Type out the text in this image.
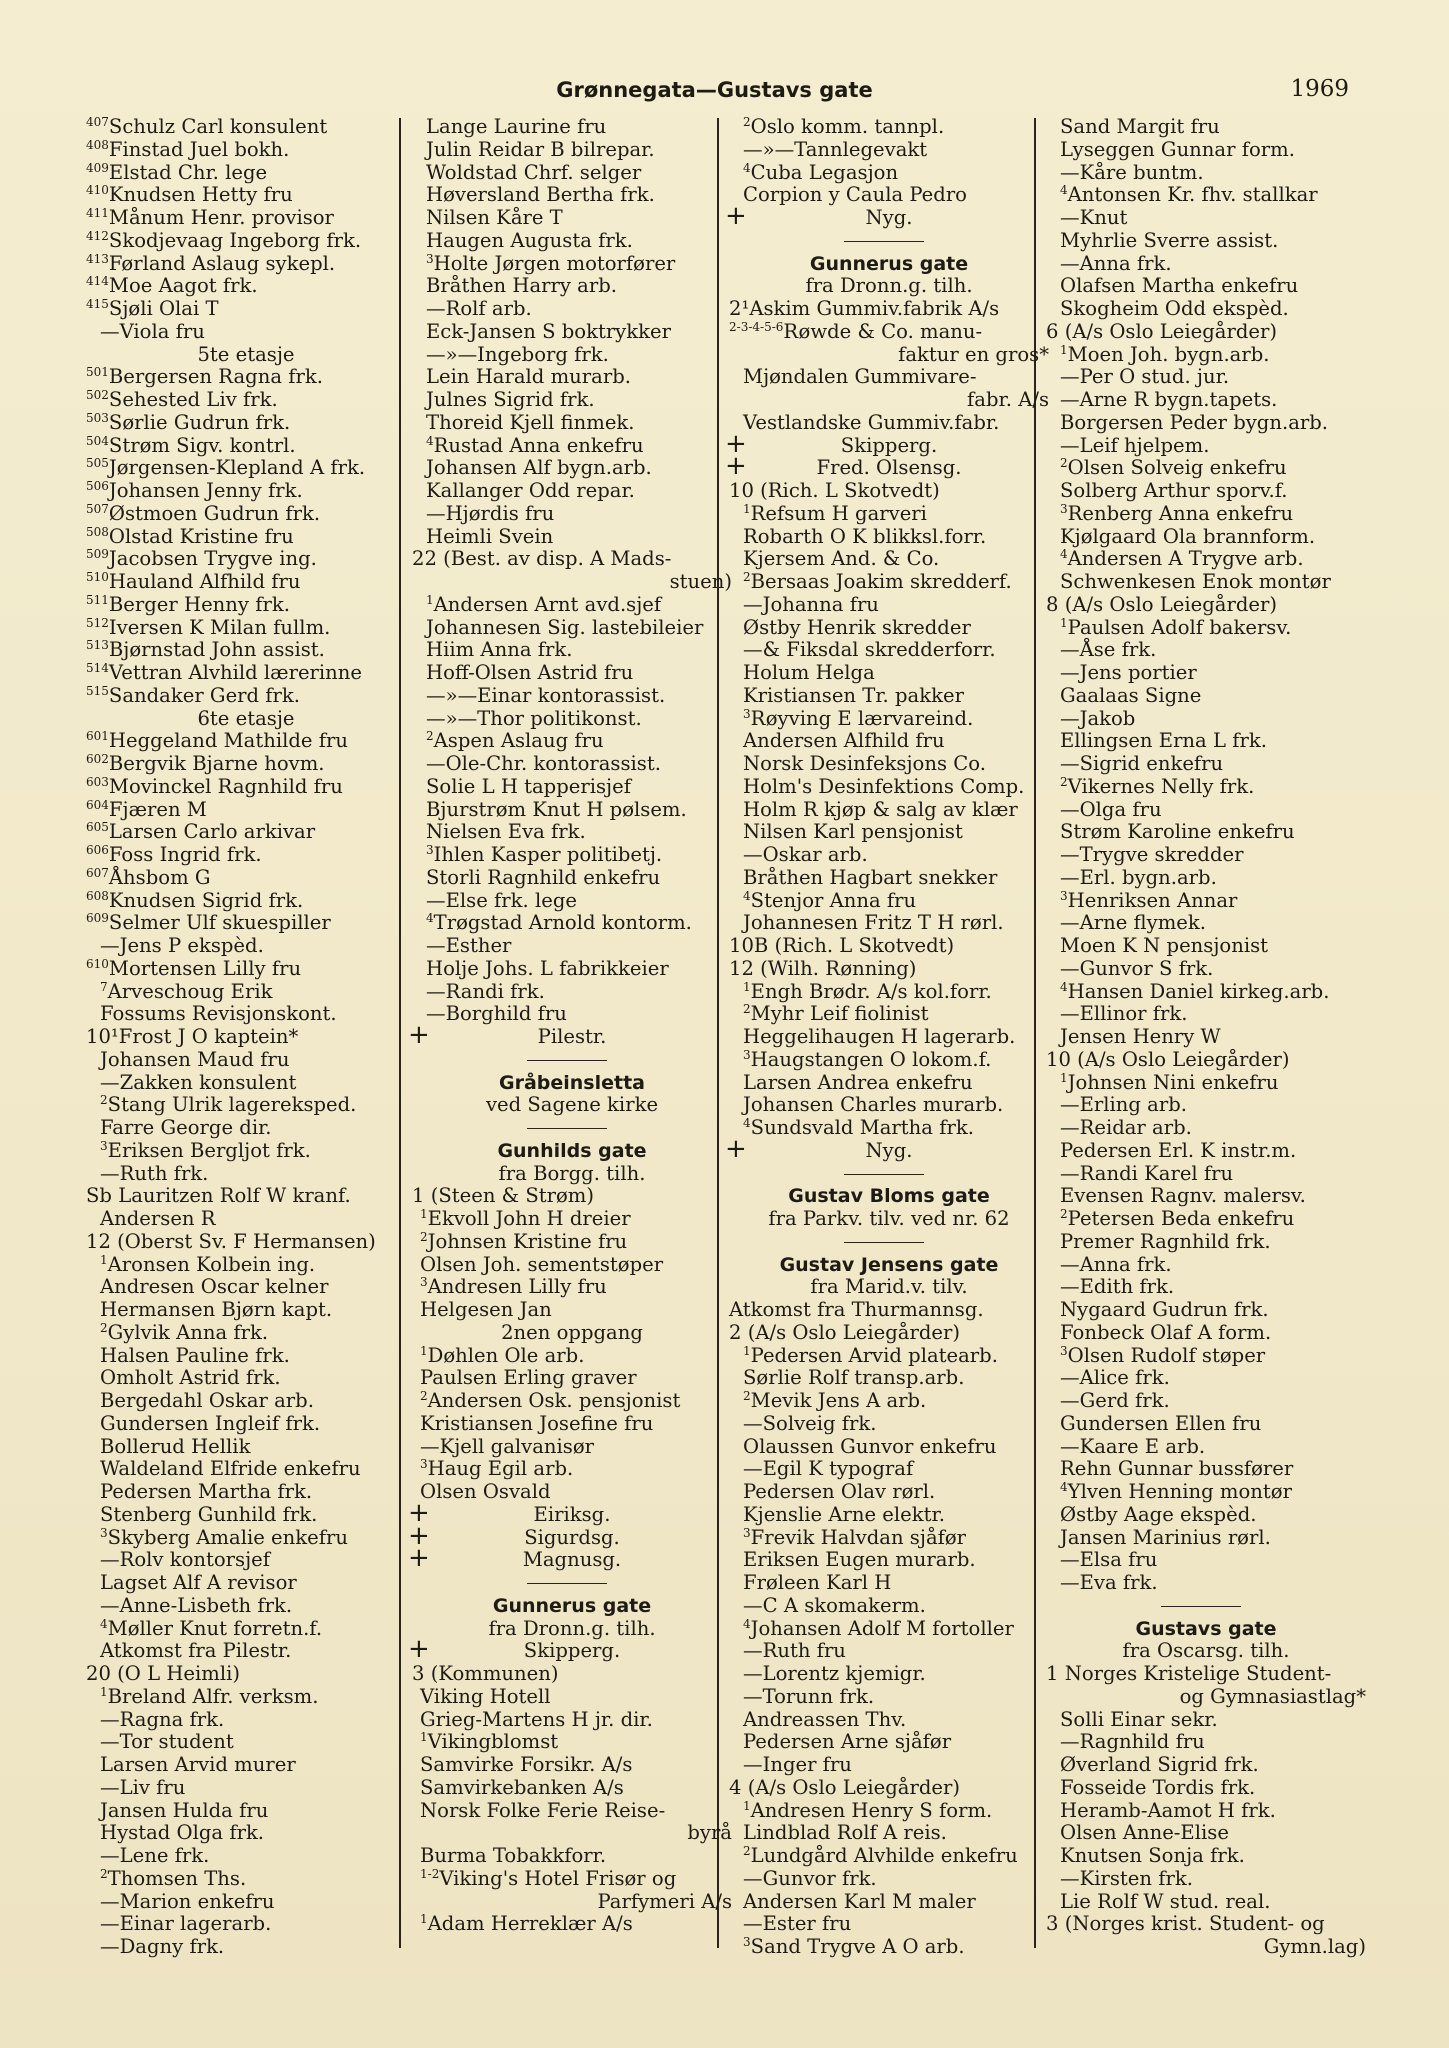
Grønnegata—Gustavs gate	1969
$^{407}$Schulz Carl konsulent
$^{408}$Finstad Juel bokh.
$^{409}$Elstad Chr. lege
$^{410}$Knudsen Hetty fru
$^{411}$Månum Henr. provisor
$^{412}$Skodjevaag Ingeborg frk.
$^{413}$Førland Aslaug sykepl.
$^{414}$Moe Aagot frk.
$^{415}$Sjøli Olai T
—Viola fru
5te etasje
$^{501}$Bergersen Ragna frk.
$^{502}$Sehested Liv frk.
$^{503}$Sørlie Gudrun frk.
$^{504}$Strøm Sigv. kontrl.
$^{505}$Jørgensen-Klepland A frk.
$^{506}$Johansen Jenny frk.
$^{507}$Østmoen Gudrun frk.
$^{508}$Olstad Kristine fru
$^{509}$Jacobsen Trygve ing.
$^{510}$Hauland Alfhild fru
$^{511}$Berger Henny frk.
$^{512}$Iversen K Milan fullm.
$^{513}$Bjørnstad John assist.
$^{514}$Vettran Alvhild lærerinne
$^{515}$Sandaker Gerd frk.
6te etasje
$^{601}$Heggeland Mathilde fru
$^{602}$Bergvik Bjarne hovm.
$^{603}$Movinckel Ragnhild fru
$^{604}$Fjæren M
$^{605}$Larsen Carlo arkivar
$^{606}$Foss Ingrid frk.
$^{607}$Åhsbom G
$^{608}$Knudsen Sigrid frk.
$^{609}$Selmer Ulf skuespiller
—Jens P ekspèd.
$^{610}$Mortensen Lilly fru
$^7$Arveschoug Erik
Fossums Revisjonskont.
10¹Frost J O kaptein*
Johansen Maud fru
—Zakken konsulent
$^2$Stang Ulrik lagereksped.
Farre George dir.
$^3$Eriksen Bergljot frk.
—Ruth frk.
Sb Lauritzen Rolf W kranf.
Andersen R
12 (Oberst Sv. F Hermansen)
$^1$Aronsen Kolbein ing.
Andresen Oscar kelner
Hermansen Bjørn kapt.
$^2$Gylvik Anna frk.
Halsen Pauline frk.
Omholt Astrid frk.
Bergedahl Oskar arb.
Gundersen Ingleif frk.
Bollerud Hellik
Waldeland Elfride enkefru
Pedersen Martha frk.
Stenberg Gunhild frk.
$^3$Skyberg Amalie enkefru
—Rolv kontorsjef
Lagset Alf A revisor
—Anne-Lisbeth frk.
$^4$Møller Knut forretn.f.
Atkomst fra Pilestr.
20 (O L Heimli)
$^1$Breland Alfr. verksm.
—Ragna frk.
—Tor student
Larsen Arvid murer
—Liv fru
Jansen Hulda fru
Hystad Olga frk.
—Lene frk.
$^2$Thomsen Ths.
—Marion enkefru
—Einar lagerarb.
—Dagny frk.
Lange Laurine fru
Julin Reidar B bilrepar.
Woldstad Chrf. selger
Høversland Bertha frk.
Nilsen Kåre T
Haugen Augusta frk.
$^3$Holte Jørgen motorfører
Bråthen Harry arb.
—Rolf arb.
Eck-Jansen S boktrykker
—»—Ingeborg frk.
Lein Harald murarb.
Julnes Sigrid frk.
Thoreid Kjell finmek.
$^4$Rustad Anna enkefru
Johansen Alf bygn.arb.
Kallanger Odd repar.
—Hjørdis fru
Heimli Svein
22 (Best. av disp. A Mads-
stuen)
$^1$Andersen Arnt avd.sjef
Johannesen Sig. lastebileier
Hiim Anna frk.
Hoff-Olsen Astrid fru
—»—Einar kontorassist.
—»—Thor politikonst.
$^2$Aspen Aslaug fru
—Ole-Chr. kontorassist.
Solie L H tapperisjef
Bjurstrøm Knut H pølsem.
Nielsen Eva frk.
$^3$Ihlen Kasper politibetj.
Storli Ragnhild enkefru
—Else frk. lege
$^4$Trøgstad Arnold kontorm.
—Esther
Holje Johs. L fabrikkeier
—Randi frk.
—Borghild fru
+ Pilestr.
Gråbeinsletta
ved Sagene kirke
Gunhilds gate
fra Borgg. tilh.
1 (Steen & Strøm)
$^1$Ekvoll John H dreier
$^2$Johnsen Kristine fru
Olsen Joh. sementstøper
$^3$Andresen Lilly fru
Helgesen Jan
2nen oppgang
$^1$Døhlen Ole arb.
Paulsen Erling graver
$^2$Andersen Osk. pensjonist
Kristiansen Josefine fru
—Kjell galvanisør
$^3$Haug Egil arb.
Olsen Osvald
+ Eiriksg.
+ Sigurdsg.
+ Magnusg.
Gunnerus gate
fra Dronn.g. tilh.
+ Skipperg.
3 (Kommunen)
Viking Hotell
Grieg-Martens H jr. dir.
$^1$Vikingblomst
Samvirke Forsikr. A/s
Samvirkebanken A/s
Norsk Folke Ferie Reise-
byrå
Burma Tobakkforr.
$^{1-2}$Viking's Hotel Frisør og
Parfymeri A/s
$^1$Adam Herreklær A/s
$^2$Oslo komm. tannpl.
—»—Tannlegevakt
$^4$Cuba Legasjon
Corpion y Caula Pedro
+ Nyg.
Gunnerus gate
fra Dronn.g. tilh.
2¹Askim Gummiv.fabrik A/s
$^{2-3-4-5-6}$Røwde & Co. manu-
faktur en gros*
Mjøndalen Gummivare-
fabr. A/s
Vestlandske Gummiv.fabr.
+ Skipperg.
+ Fred. Olsensg.
10 (Rich. L Skotvedt)
$^1$Refsum H garveri
Robarth O K blikksl.forr.
Kjersem And. & Co.
$^2$Bersaas Joakim skredderf.
—Johanna fru
Østby Henrik skredder
—& Fiksdal skredderforr.
Holum Helga
Kristiansen Tr. pakker
$^3$Røyving E lærvareind.
Andersen Alfhild fru
Norsk Desinfeksjons Co.
Holm's Desinfektions Comp.
Holm R kjøp & salg av klær
Nilsen Karl pensjonist
—Oskar arb.
Bråthen Hagbart snekker
$^4$Stenjor Anna fru
Johannesen Fritz T H rørl.
10B (Rich. L Skotvedt)
12 (Wilh. Rønning)
$^1$Engh Brødr. A/s kol.forr.
$^2$Myhr Leif fiolinist
Heggelihaugen H lagerarb.
$^3$Haugstangen O lokom.f.
Larsen Andrea enkefru
Johansen Charles murarb.
$^4$Sundsvald Martha frk.
+ Nyg.
Gustav Bloms gate
fra Parkv. tilv. ved nr. 62
Gustav Jensens gate
fra Marid.v. tilv.
Atkomst fra Thurmannsg.
2 (A/s Oslo Leiegårder)
$^1$Pedersen Arvid platearb.
Sørlie Rolf transp.arb.
$^2$Mevik Jens A arb.
—Solveig frk.
Olaussen Gunvor enkefru
—Egil K typograf
Pedersen Olav rørl.
Kjenslie Arne elektr.
$^3$Frevik Halvdan sjåfør
Eriksen Eugen murarb.
Frøleen Karl H
—C A skomakerm.
$^4$Johansen Adolf M fortoller
—Ruth fru
—Lorentz kjemigr.
—Torunn frk.
Andreassen Thv.
Pedersen Arne sjåfør
—Inger fru
4 (A/s Oslo Leiegårder)
$^1$Andresen Henry S form.
Lindblad Rolf A reis.
$^2$Lundgård Alvhilde enkefru
—Gunvor frk.
Andersen Karl M maler
—Ester fru
$^3$Sand Trygve A O arb.
Sand Margit fru
Lyseggen Gunnar form.
—Kåre buntm.
$^4$Antonsen Kr. fhv. stallkar
—Knut
Myhrlie Sverre assist.
—Anna frk.
Olafsen Martha enkefru
Skogheim Odd ekspèd.
6 (A/s Oslo Leiegårder)
$^1$Moen Joh. bygn.arb.
—Per O stud. jur.
—Arne R bygn.tapets.
Borgersen Peder bygn.arb.
—Leif hjelpem.
$^2$Olsen Solveig enkefru
Solberg Arthur sporv.f.
$^3$Renberg Anna enkefru
Kjølgaard Ola brannform.
$^4$Andersen A Trygve arb.
Schwenkesen Enok montør
8 (A/s Oslo Leiegårder)
$^1$Paulsen Adolf bakersv.
—Åse frk.
—Jens portier
Gaalaas Signe
—Jakob
Ellingsen Erna L frk.
—Sigrid enkefru
$^2$Vikernes Nelly frk.
—Olga fru
Strøm Karoline enkefru
—Trygve skredder
—Erl. bygn.arb.
$^3$Henriksen Annar
—Arne flymek.
Moen K N pensjonist
—Gunvor S frk.
$^4$Hansen Daniel kirkeg.arb.
—Ellinor frk.
Jensen Henry W
10 (A/s Oslo Leiegårder)
$^1$Johnsen Nini enkefru
—Erling arb.
—Reidar arb.
Pedersen Erl. K instr.m.
—Randi Karel fru
Evensen Ragnv. malersv.
$^2$Petersen Beda enkefru
Premer Ragnhild frk.
—Anna frk.
—Edith frk.
Nygaard Gudrun frk.
Fonbeck Olaf A form.
$^3$Olsen Rudolf støper
—Alice frk.
—Gerd frk.
Gundersen Ellen fru
—Kaare E arb.
Rehn Gunnar bussfører
$^4$Ylven Henning montør
Østby Aage ekspèd.
Jansen Marinius rørl.
—Elsa fru
—Eva frk.
Gustavs gate
fra Oscarsg. tilh.
1 Norges Kristelige Student-
og Gymnasiastlag*
Solli Einar sekr.
—Ragnhild fru
Øverland Sigrid frk.
Fosseide Tordis frk.
Heramb-Aamot H frk.
Olsen Anne-Elise
Knutsen Sonja frk.
—Kirsten frk.
Lie Rolf W stud. real.
3 (Norges krist. Student- og
Gymn.lag)
